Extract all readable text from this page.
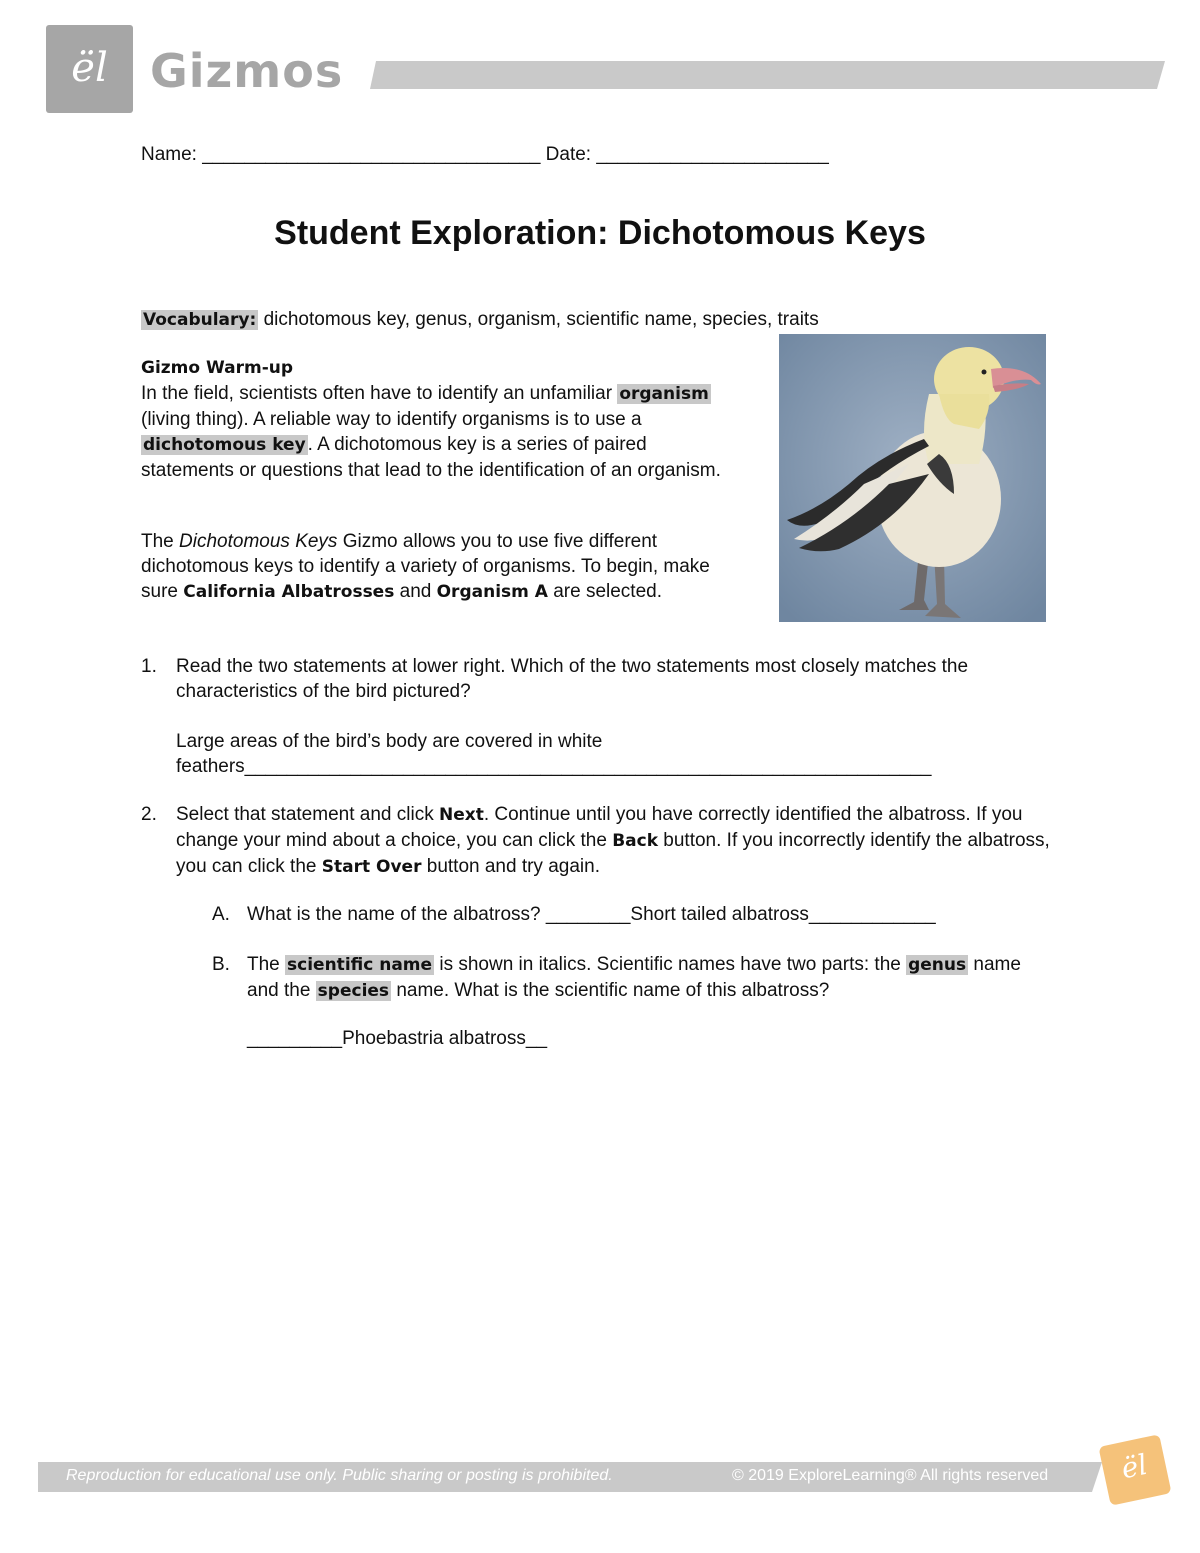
ël Gizmos
Name: ________________________________ Date: ______________________
Student Exploration: Dichotomous Keys
Vocabulary: dichotomous key, genus, organism, scientific name, species, traits
Gizmo Warm-up
In the field, scientists often have to identify an unfamiliar organism (living thing). A reliable way to identify organisms is to use a dichotomous key . A dichotomous key is a series of paired statements or questions that lead to the identification of an organism.
The Dichotomous Keys Gizmo allows you to use five different dichotomous keys to identify a variety of organisms. To begin, make sure California Albatrosses and Organism A are selected.
1. Read the two statements at lower right. Which of the two statements most closely matches the characteristics of the bird pictured?
Large areas of the bird’s body are covered in white
feathers_________________________________________________________________
2. Select that statement and click Next. Continue until you have correctly identified the albatross. If you change your mind about a choice, you can click the Back button. If you incorrectly identify the albatross, you can click the Start Over button and try again.
A. What is the name of the albatross? ________Short tailed albatross____________
B. The scientific name is shown in italics. Scientific names have two parts: the genus name and the species name. What is the scientific name of this albatross?
_________Phoebastria albatross__
Reproduction for educational use only. Public sharing or posting is prohibited.	© 2019 ExploreLearning® All rights reserved	ël
